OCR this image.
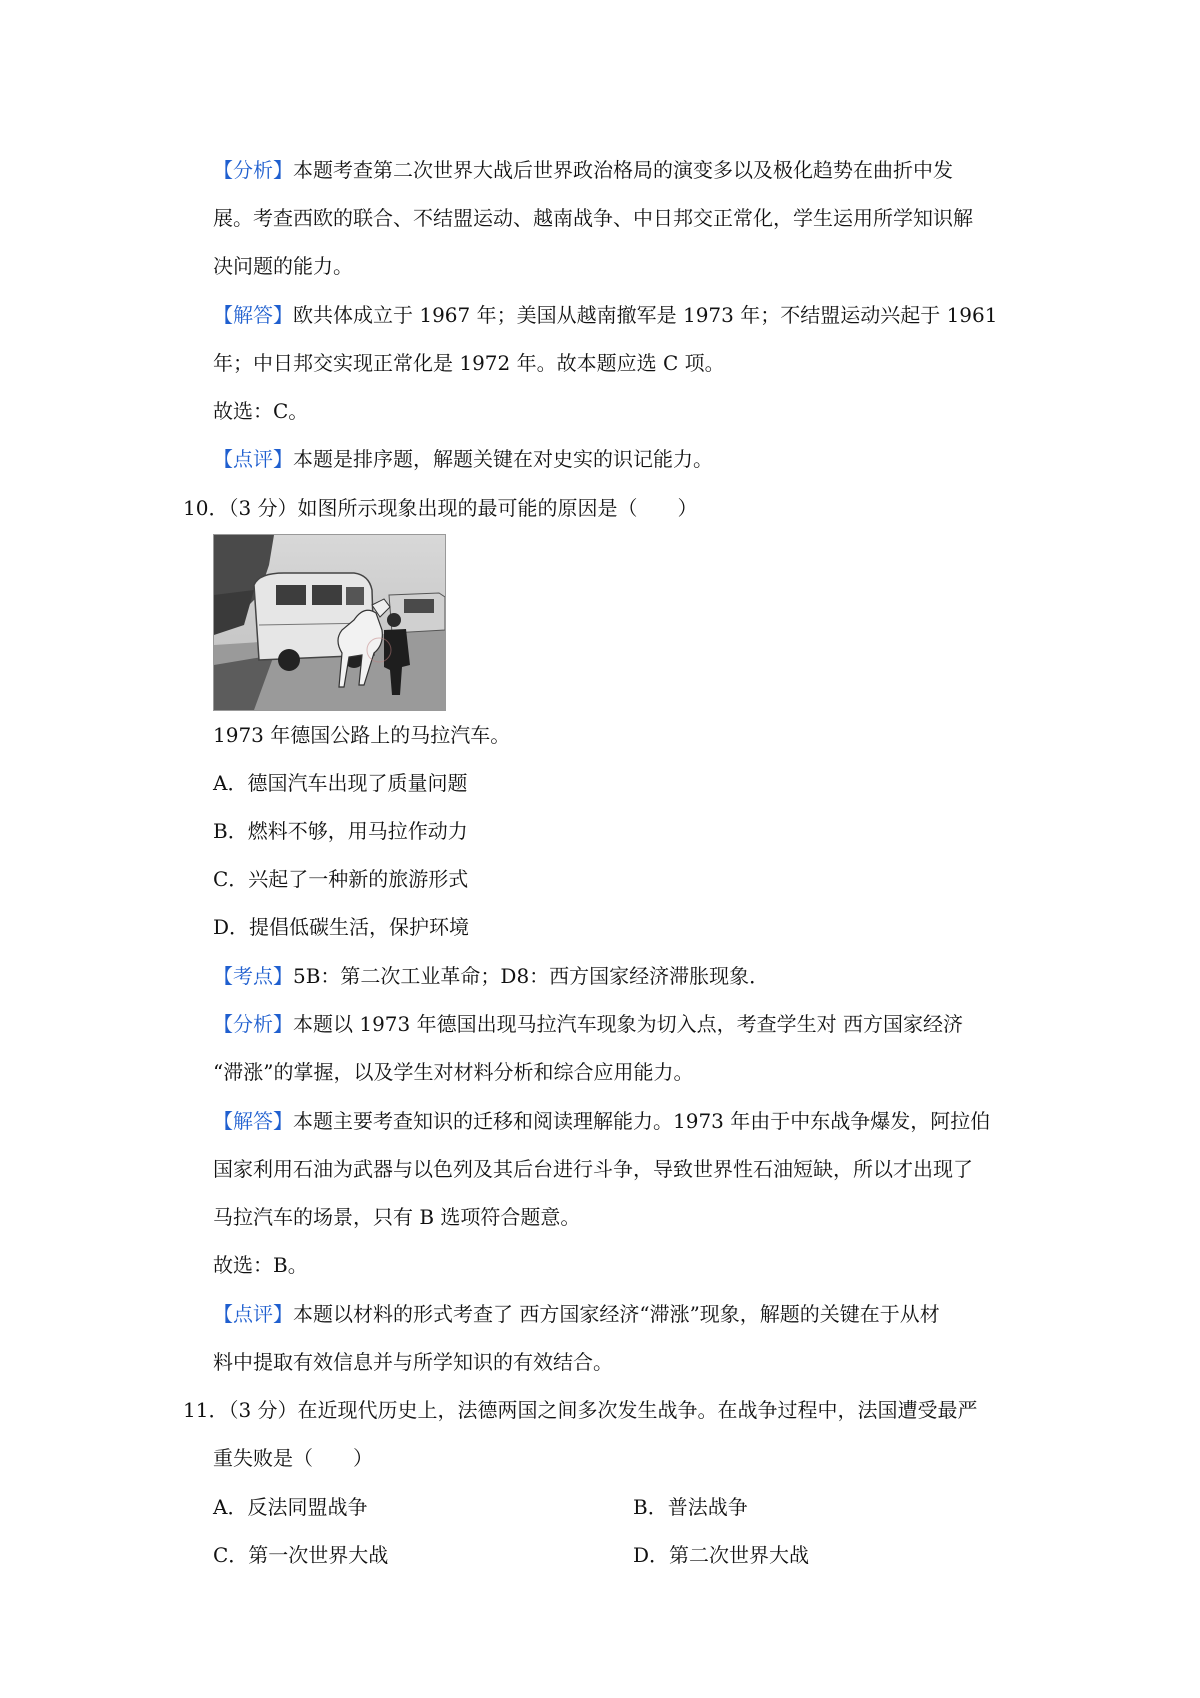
【分析】本题考查第二次世界大战后世界政治格局的演变多以及极化趋势在曲折中发
展。考查西欧的联合、不结盟运动、越南战争、中日邦交正常化，学生运用所学知识解
决问题的能力。
【解答】欧共体成立于 1967 年；美国从越南撤军是 1973 年；不结盟运动兴起于 1961
年；中日邦交实现正常化是 1972 年。故本题应选 C 项。
故选：C。
【点评】本题是排序题，解题关键在对史实的识记能力。
10．（3 分）如图所示现象出现的最可能的原因是（　　）
1973 年德国公路上的马拉汽车。
A．德国汽车出现了质量问题
B．燃料不够，用马拉作动力
C．兴起了一种新的旅游形式
D．提倡低碳生活，保护环境
【考点】5B：第二次工业革命；D8：西方国家经济滞胀现象．
【分析】本题以 1973 年德国出现马拉汽车现象为切入点，考查学生对 西方国家经济
“滞涨”的掌握，以及学生对材料分析和综合应用能力。
【解答】本题主要考查知识的迁移和阅读理解能力。1973 年由于中东战争爆发，阿拉伯
国家利用石油为武器与以色列及其后台进行斗争，导致世界性石油短缺，所以才出现了
马拉汽车的场景，只有 B 选项符合题意。
故选：B。
【点评】本题以材料的形式考查了 西方国家经济“滞涨”现象，解题的关键在于从材
料中提取有效信息并与所学知识的有效结合。
11．（3 分）在近现代历史上，法德两国之间多次发生战争。在战争过程中，法国遭受最严
重失败是（　　）
A．反法同盟战争	B．普法战争
C．第一次世界大战	D．第二次世界大战
